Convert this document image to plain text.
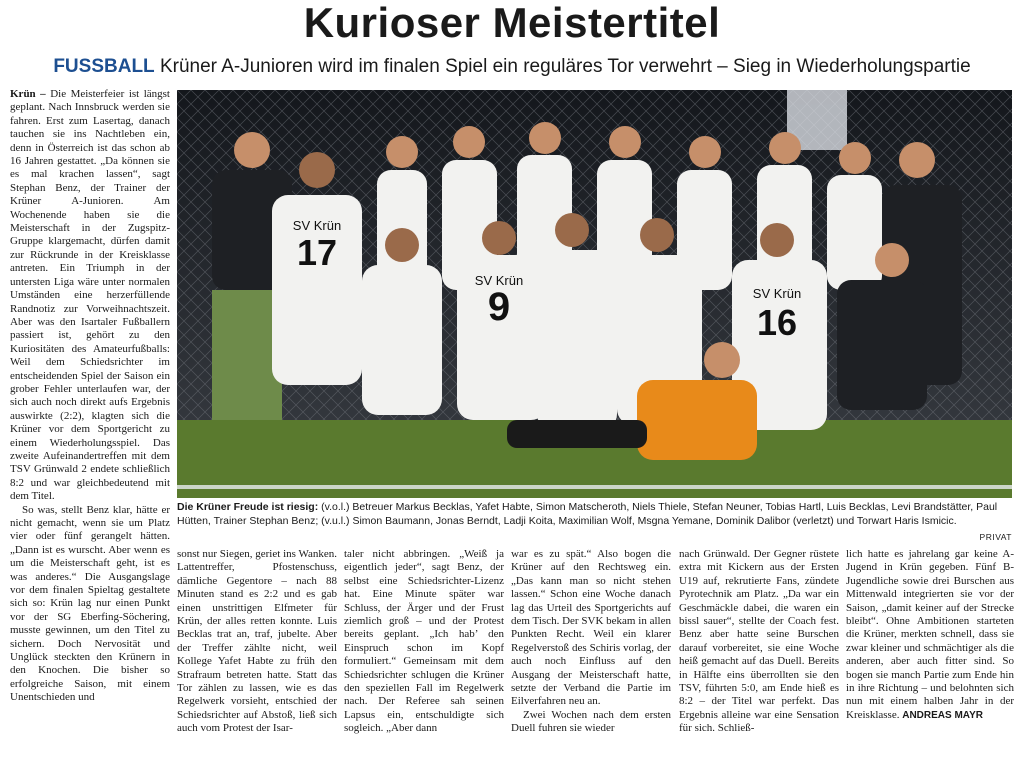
Kurioser Meistertitel
FUSSBALL Krüner A-Junioren wird im finalen Spiel ein reguläres Tor verwehrt – Sieg in Wiederholungspartie

Krün – Die Meisterfeier ist längst geplant. Nach Innsbruck werden sie fahren. Erst zum Lasertag, danach tauchen sie ins Nachtleben ein, denn in Österreich ist das schon ab 16 Jahren gestattet. „Da können sie es mal krachen lassen“, sagt Stephan Benz, der Trainer der Krüner A-Junioren. Am Wochenende haben sie die Meisterschaft in der Zugspitz-Gruppe klargemacht, dürfen damit zur Rückrunde in der Kreisklasse antreten. Ein Triumph in der untersten Liga wäre unter normalen Umständen eine herzerfüllende Randnotiz zur Vorweihnachtszeit. Aber was den Isartaler Fußballern passiert ist, gehört zu den Kuriositäten des Amateurfußballs: Weil dem Schiedsrichter im entscheidenden Spiel der Saison ein grober Fehler unterlaufen war, der sich auch noch direkt aufs Ergebnis auswirkte (2:2), klagten sich die Krüner vor dem Sportgericht zu einem Wiederholungsspiel. Das zweite Aufeinandertreffen mit dem TSV Grünwald 2 endete schließlich 8:2 und war gleichbedeutend mit dem Titel.

So was, stellt Benz klar, hätte er nicht gemacht, wenn sie um Platz vier oder fünf gerangelt hätten. „Dann ist es wurscht. Aber wenn es um die Meisterschaft geht, ist es was anderes.“ Die Ausgangslage vor dem finalen Spieltag gestaltete sich so: Krün lag nur einen Punkt vor der SG Eberfing-Söchering, musste gewinnen, um den Titel zu sichern. Doch Nervosität und Unglück steckten den Krünern in den Knochen. Die bisher so erfolgreiche Saison, mit einem Unentschieden und

17
9	16
SV Krün
SV Krün
SV Krün
Die Krüner Freude ist riesig: (v.o.l.) Betreuer Markus Becklas, Yafet Habte, Simon Matscheroth, Niels Thiele, Stefan Neuner, Tobias Hartl, Luis Becklas, Levi Brandstätter, Paul Hütten, Trainer Stephan Benz; (v.u.l.) Simon Baumann, Jonas Berndt, Ladji Koita, Maximilian Wolf, Msgna Yemane, Dominik Dalibor (verletzt) und Torwart Haris Ismicic.
PRIVAT

sonst nur Siegen, geriet ins Wanken. Lattentreffer, Pfostenschuss, dämliche Gegentore – nach 88 Minuten stand es 2:2 und es gab einen unstrittigen Elfmeter für Krün, der alles retten konnte. Luis Becklas trat an, traf, jubelte. Aber der Treffer zählte nicht, weil Kollege Yafet Habte zu früh den Strafraum betreten hatte. Statt das Tor zählen zu lassen, wie es das Regelwerk vorsieht, entschied der Schiedsrichter auf Abstoß, ließ sich auch vom Protest der Isar-

taler nicht abbringen. „Weiß ja eigentlich jeder“, sagt Benz, der selbst eine Schiedsrichter-Lizenz hat. Eine Minute später war Schluss, der Ärger und der Frust ziemlich groß – und der Protest bereits geplant. „Ich hab’ den Einspruch schon im Kopf formuliert.“ Gemeinsam mit dem Schiedsrichter schlugen die Krüner den speziellen Fall im Regelwerk nach. Der Referee sah seinen Lapsus ein, entschuldigte sich sogleich. „Aber dann

war es zu spät.“ Also bogen die Krüner auf den Rechtsweg ein. „Das kann man so nicht stehen lassen.“ Schon eine Woche danach lag das Urteil des Sportgerichts auf dem Tisch. Der SVK bekam in allen Punkten Recht. Weil ein klarer Regelverstoß des Schiris vorlag, der auch noch Einfluss auf den Ausgang der Meisterschaft hatte, setzte der Verband die Partie im Eilverfahren neu an.

Zwei Wochen nach dem ersten Duell fuhren sie wieder

nach Grünwald. Der Gegner rüstete extra mit Kickern aus der Ersten U19 auf, rekrutierte Fans, zündete Pyrotechnik am Platz. „Da war ein Geschmäckle dabei, die waren ein bissl sauer“, stellte der Coach fest. Benz aber hatte seine Burschen darauf vorbereitet, sie eine Woche heiß gemacht auf das Duell. Bereits in Hälfte eins überrollten sie den TSV, führten 5:0, am Ende hieß es 8:2 – der Titel war perfekt. Das Ergebnis alleine war eine Sensation für sich. Schließ-

lich hatte es jahrelang gar keine A-Jugend in Krün gegeben. Fünf B-Jugendliche sowie drei Burschen aus Mittenwald integrierten sie vor der Saison, „damit keiner auf der Strecke bleibt“. Ohne Ambitionen starteten die Krüner, merkten schnell, dass sie zwar kleiner und schmächtiger als die anderen, aber auch fitter sind. So bogen sie manch Partie zum Ende hin in ihre Richtung – und belohnten sich nun mit einem halben Jahr in der Kreisklasse. ANDREAS MAYR
